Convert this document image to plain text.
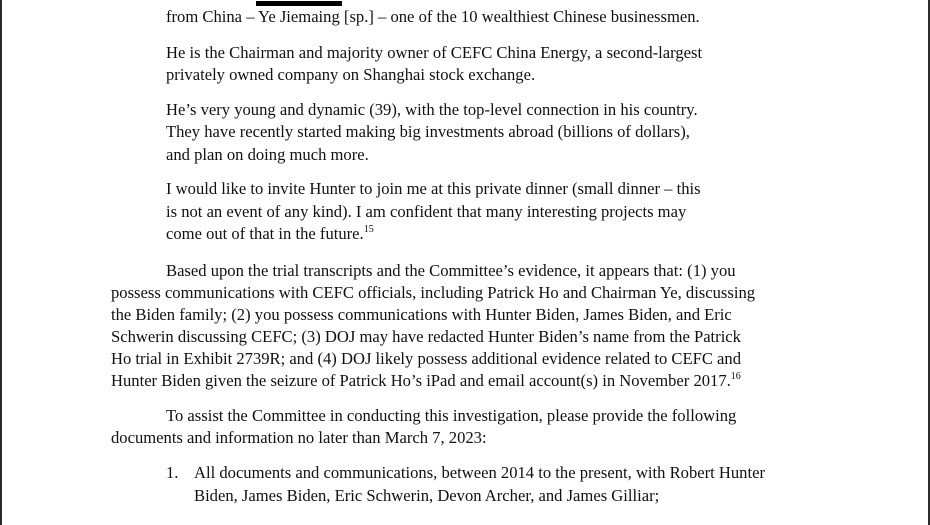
from China – Ye Jiemaing [sp.] – one of the 10 wealthiest Chinese businessmen.
He is the Chairman and majority owner of CEFC China Energy, a second-largest
privately owned company on Shanghai stock exchange.
He’s very young and dynamic (39), with the top-level connection in his country.
They have recently started making big investments abroad (billions of dollars),
and plan on doing much more.
I would like to invite Hunter to join me at this private dinner (small dinner – this
is not an event of any kind). I am confident that many interesting projects may
come out of that in the future.$^{15}$
Based upon the trial transcripts and the Committee’s evidence, it appears that: (1) you
possess communications with CEFC officials, including Patrick Ho and Chairman Ye, discussing
the Biden family; (2) you possess communications with Hunter Biden, James Biden, and Eric
Schwerin discussing CEFC; (3) DOJ may have redacted Hunter Biden’s name from the Patrick
Ho trial in Exhibit 2739R; and (4) DOJ likely possess additional evidence related to CEFC and
Hunter Biden given the seizure of Patrick Ho’s iPad and email account(s) in November 2017.16
To assist the Committee in conducting this investigation, please provide the following
documents and information no later than March 7, 2023:
1. All documents and communications, between 2014 to the present, with Robert Hunter
Biden, James Biden, Eric Schwerin, Devon Archer, and James Gilliar;
